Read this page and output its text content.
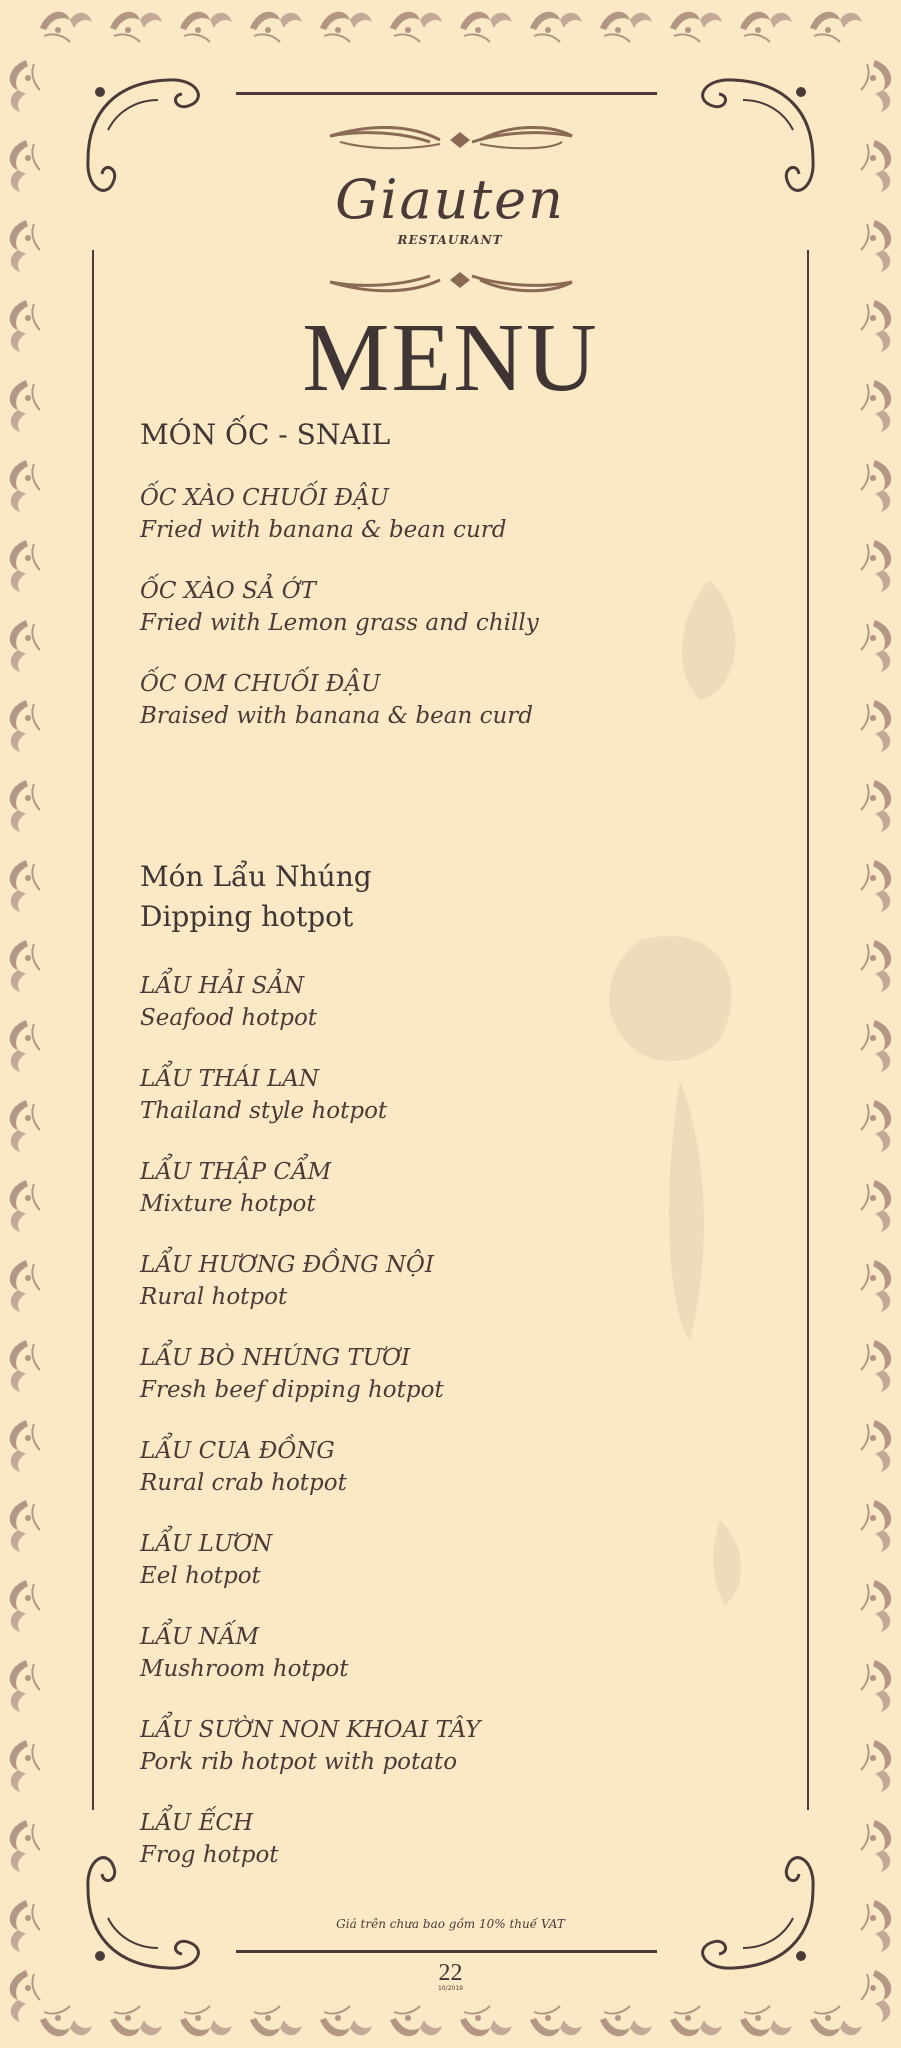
Giauten
RESTAURANT
MENU
MÓN ỐC - SNAIL
ỐC XÀO CHUỐI ĐẬU
Fried with banana & bean curd
ỐC XÀO SẢ ỚT
Fried with Lemon grass and chilly
ỐC OM CHUỐI ĐẬU
Braised with banana & bean curd
Món Lẩu Nhúng
Dipping hotpot
LẨU HẢI SẢN
Seafood hotpot
LẨU THÁI LAN
Thailand style hotpot
LẨU THẬP CẨM
Mixture hotpot
LẨU HƯƠNG ĐỒNG NỘI
Rural hotpot
LẨU BÒ NHÚNG TƯƠI
Fresh beef dipping hotpot
LẨU CUA ĐỒNG
Rural crab hotpot
LẨU LƯƠN
Eel hotpot
LẨU NẤM
Mushroom hotpot
LẨU SƯỜN NON KHOAI TÂY
Pork rib hotpot with potato
LẨU ẾCH
Frog hotpot
Giá trên chưa bao gồm 10% thuế VAT
22
10/2019
